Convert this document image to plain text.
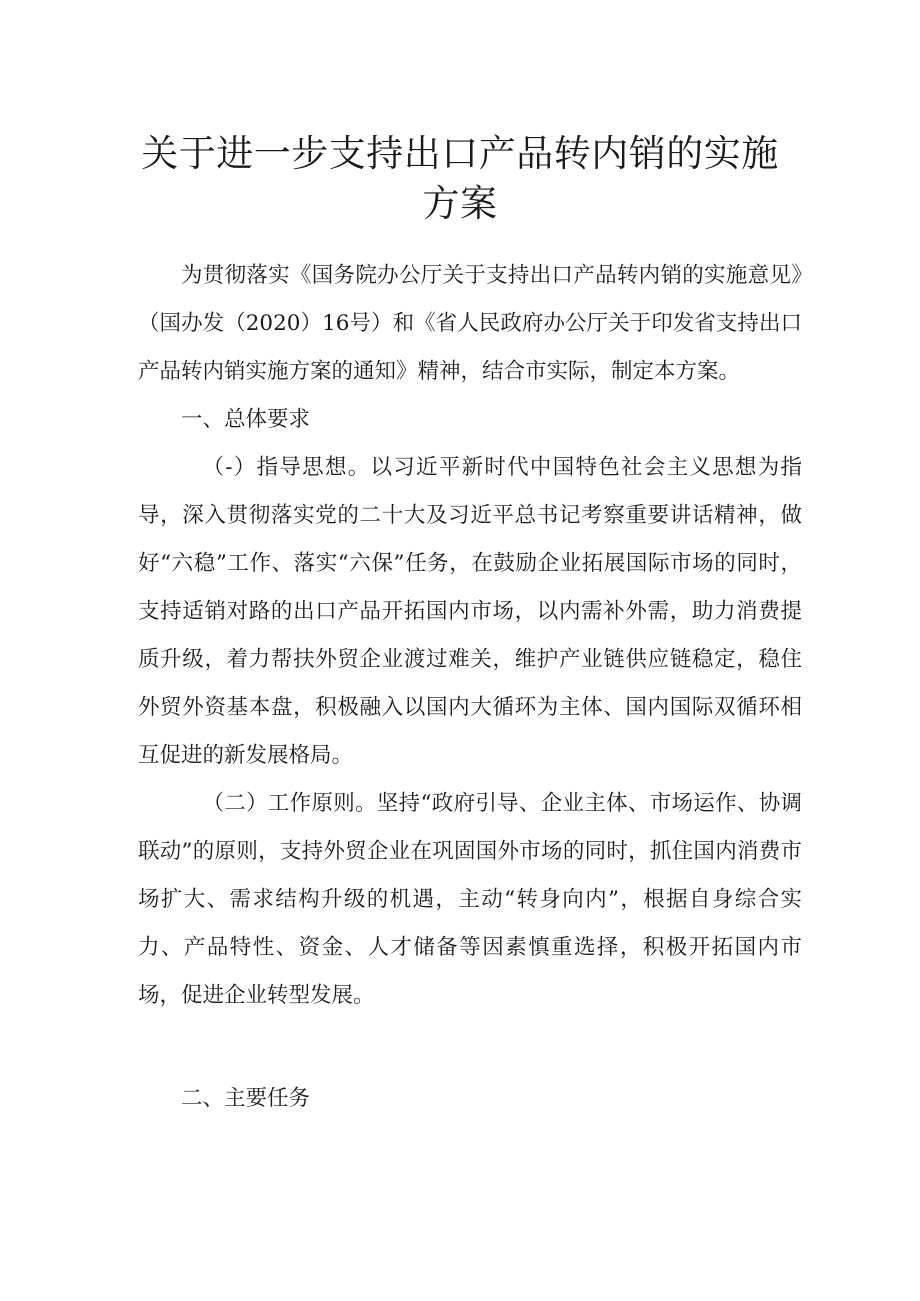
关于进一步支持出口产品转内销的实施方案

为贯彻落实《国务院办公厅关于支持出口产品转内销的实施意见》（国办发（2020）16号）和《省人民政府办公厅关于印发省支持出口产品转内销实施方案的通知》精神，结合市实际，制定本方案。

一、总体要求

（-）指导思想。以习近平新时代中国特色社会主义思想为指导，深入贯彻落实党的二十大及习近平总书记考察重要讲话精神，做好“六稳”工作、落实“六保”任务，在鼓励企业拓展国际市场的同时，支持适销对路的出口产品开拓国内市场，以内需补外需，助力消费提质升级，着力帮扶外贸企业渡过难关，维护产业链供应链稳定，稳住外贸外资基本盘，积极融入以国内大循环为主体、国内国际双循环相互促进的新发展格局。

（二）工作原则。坚持“政府引导、企业主体、市场运作、协调联动”的原则，支持外贸企业在巩固国外市场的同时，抓住国内消费市场扩大、需求结构升级的机遇，主动“转身向内”，根据自身综合实力、产品特性、资金、人才储备等因素慎重选择，积极开拓国内市场，促进企业转型发展。

二、主要任务
